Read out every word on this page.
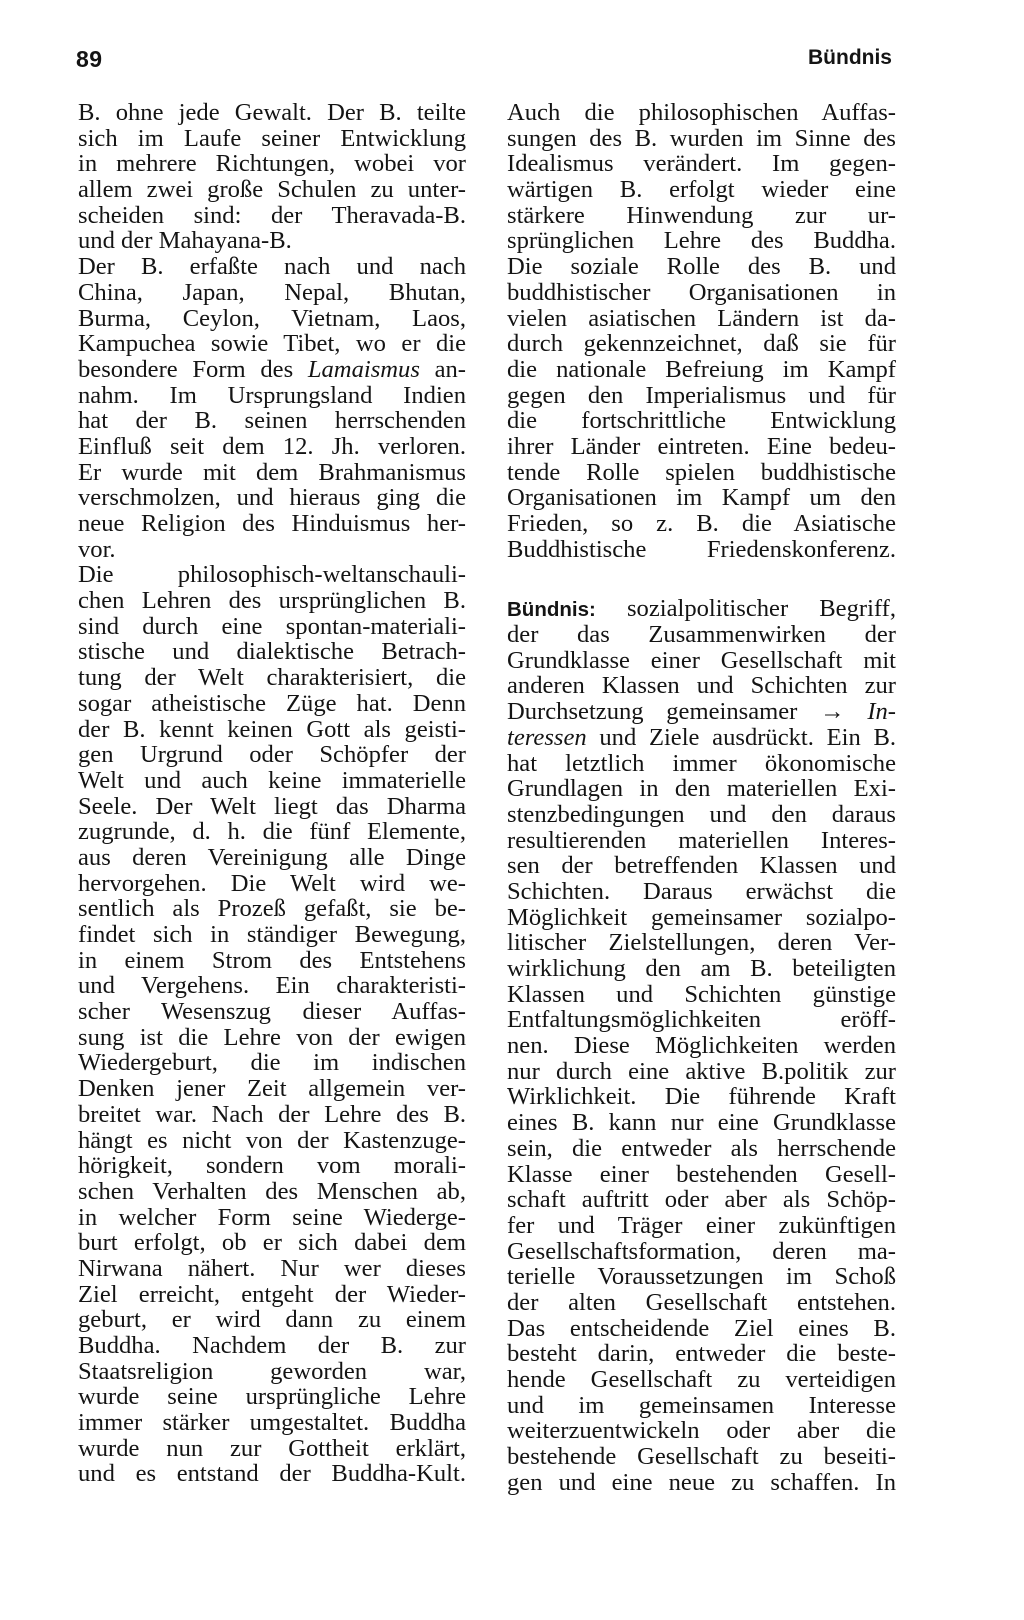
89	Bündnis
B. ohne jede Gewalt. Der B. teilte
sich im Laufe seiner Entwicklung
in mehrere Richtungen, wobei vor
allem zwei große Schulen zu unter-
scheiden sind: der Theravada-B.
und der Mahayana-B.
Der B. erfaßte nach und nach
China, Japan, Nepal, Bhutan,
Burma, Ceylon, Vietnam, Laos,
Kampuchea sowie Tibet, wo er die
besondere Form des Lamaismus an-
nahm. Im Ursprungsland Indien
hat der B. seinen herrschenden
Einfluß seit dem 12. Jh. verloren.
Er wurde mit dem Brahmanismus
verschmolzen, und hieraus ging die
neue Religion des Hinduismus her-
vor.
Die philosophisch-weltanschauli-
chen Lehren des ursprünglichen B.
sind durch eine spontan-materiali-
stische und dialektische Betrach-
tung der Welt charakterisiert, die
sogar atheistische Züge hat. Denn
der B. kennt keinen Gott als geisti-
gen Urgrund oder Schöpfer der
Welt und auch keine immaterielle
Seele. Der Welt liegt das Dharma
zugrunde, d. h. die fünf Elemente,
aus deren Vereinigung alle Dinge
hervorgehen. Die Welt wird we-
sentlich als Prozeß gefaßt, sie be-
findet sich in ständiger Bewegung,
in einem Strom des Entstehens
und Vergehens. Ein charakteristi-
scher Wesenszug dieser Auffas-
sung ist die Lehre von der ewigen
Wiedergeburt, die im indischen
Denken jener Zeit allgemein ver-
breitet war. Nach der Lehre des B.
hängt es nicht von der Kastenzuge-
hörigkeit, sondern vom morali-
schen Verhalten des Menschen ab,
in welcher Form seine Wiederge-
burt erfolgt, ob er sich dabei dem
Nirwana nähert. Nur wer dieses
Ziel erreicht, entgeht der Wieder-
geburt, er wird dann zu einem
Buddha. Nachdem der B. zur
Staatsreligion geworden war,
wurde seine ursprüngliche Lehre
immer stärker umgestaltet. Buddha
wurde nun zur Gottheit erklärt,
und es entstand der Buddha-Kult.
Auch die philosophischen Auffas-
sungen des B. wurden im Sinne des
Idealismus verändert. Im gegen-
wärtigen B. erfolgt wieder eine
stärkere Hinwendung zur ur-
sprünglichen Lehre des Buddha.
Die soziale Rolle des B. und
buddhistischer Organisationen in
vielen asiatischen Ländern ist da-
durch gekennzeichnet, daß sie für
die nationale Befreiung im Kampf
gegen den Imperialismus und für
die fortschrittliche Entwicklung
ihrer Länder eintreten. Eine bedeu-
tende Rolle spielen buddhistische
Organisationen im Kampf um den
Frieden, so z. B. die Asiatische
Buddhistische Friedenskonferenz.
Bündnis: sozialpolitischer Begriff,
der das Zusammenwirken der
Grundklasse einer Gesellschaft mit
anderen Klassen und Schichten zur
Durchsetzung gemeinsamer → In-
teressen und Ziele ausdrückt. Ein B.
hat letztlich immer ökonomische
Grundlagen in den materiellen Exi-
stenzbedingungen und den daraus
resultierenden materiellen Interes-
sen der betreffenden Klassen und
Schichten. Daraus erwächst die
Möglichkeit gemeinsamer sozialpo-
litischer Zielstellungen, deren Ver-
wirklichung den am B. beteiligten
Klassen und Schichten günstige
Entfaltungsmöglichkeiten eröff-
nen. Diese Möglichkeiten werden
nur durch eine aktive B.politik zur
Wirklichkeit. Die führende Kraft
eines B. kann nur eine Grundklasse
sein, die entweder als herrschende
Klasse einer bestehenden Gesell-
schaft auftritt oder aber als Schöp-
fer und Träger einer zukünftigen
Gesellschaftsformation, deren ma-
terielle Voraussetzungen im Schoß
der alten Gesellschaft entstehen.
Das entscheidende Ziel eines B.
besteht darin, entweder die beste-
hende Gesellschaft zu verteidigen
und im gemeinsamen Interesse
weiterzuentwickeln oder aber die
bestehende Gesellschaft zu beseiti-
gen und eine neue zu schaffen. In
